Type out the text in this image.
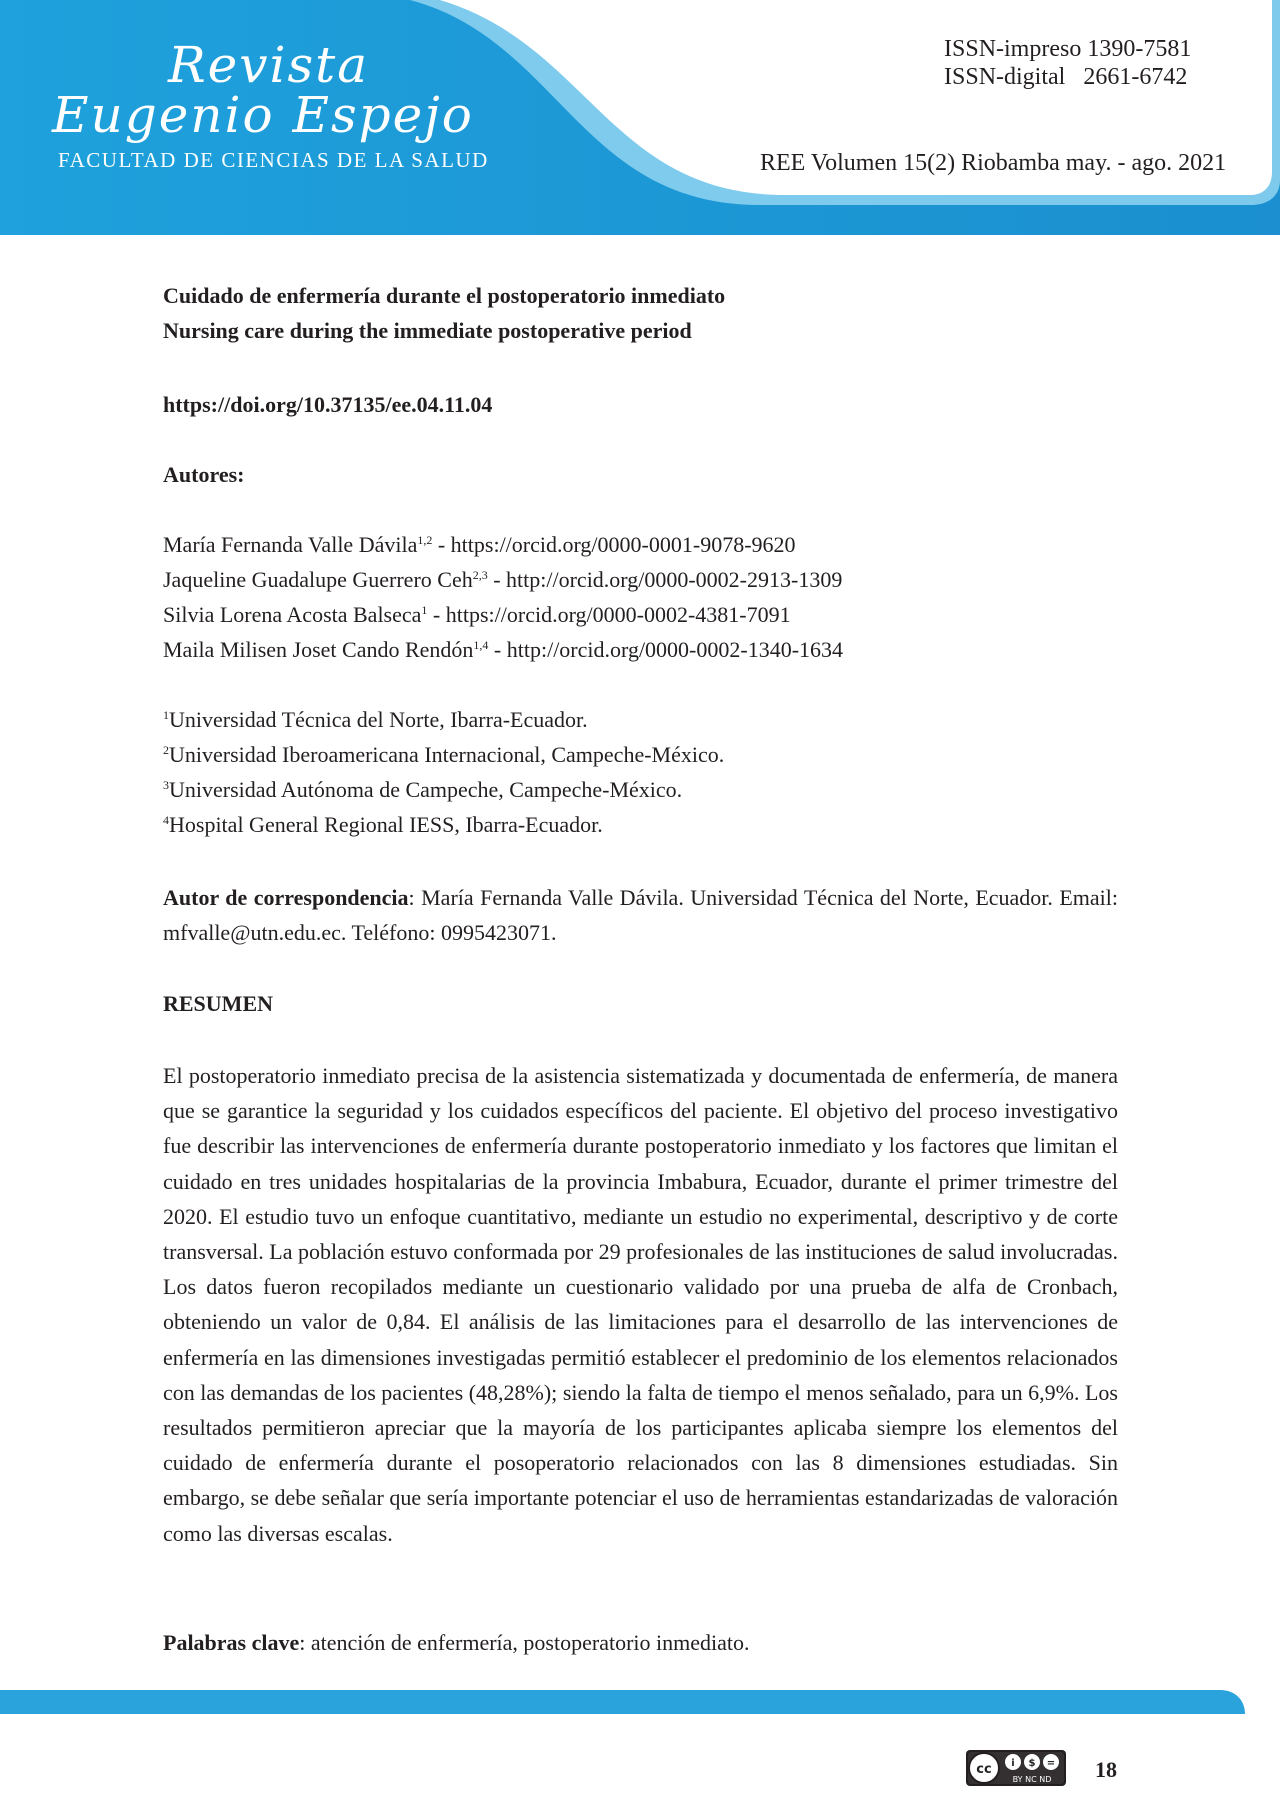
Revista
Eugenio Espejo
FACULTAD DE CIENCIAS DE LA SALUD
ISSN-impreso 1390-7581
ISSN-digital   2661-6742
REE Volumen 15(2) Riobamba may. - ago. 2021
Cuidado de enfermería durante el postoperatorio inmediato
Nursing care during the immediate postoperative period
https://doi.org/10.37135/ee.04.11.04
Autores:
María Fernanda Valle Dávila$^{1,2}$ - https://orcid.org/0000-0001-9078-9620
Jaqueline Guadalupe Guerrero Ceh$^{2,3}$ - http://orcid.org/0000-0002-2913-1309
Silvia Lorena Acosta Balseca$^1$ - https://orcid.org/0000-0002-4381-7091
Maila Milisen Joset Cando Rendón$^{1,4}$ - http://orcid.org/0000-0002-1340-1634
$^1$Universidad Técnica del Norte, Ibarra-Ecuador.
$^2$Universidad Iberoamericana Internacional, Campeche-México.
$^3$Universidad Autónoma de Campeche, Campeche-México.
$^4$Hospital General Regional IESS, Ibarra-Ecuador.
Autor de correspondencia: María Fernanda Valle Dávila. Universidad Técnica del Norte, Ecuador. Email: mfvalle@utn.edu.ec. Teléfono: 0995423071.
RESUMEN
El postoperatorio inmediato precisa de la asistencia sistematizada y documentada de enfermería, de manera que se garantice la seguridad y los cuidados específicos del paciente. El objetivo del proceso investigativo fue describir las intervenciones de enfermería durante postoperatorio inmediato y los factores que limitan el cuidado en tres unidades hospitalarias de la provincia Imbabura, Ecuador, durante el primer trimestre del 2020. El estudio tuvo un enfoque cuantitativo, mediante un estudio no experimental, descriptivo y de corte transversal. La población estuvo conformada por 29 profesionales de las instituciones de salud involucradas. Los datos fueron recopilados mediante un cuestionario validado por una prueba de alfa de Cronbach, obteniendo un valor de 0,84. El análisis de las limitaciones para el desarrollo de las intervenciones de enfermería en las dimensiones investigadas permitió establecer el predominio de los elementos relacionados con las demandas de los pacientes (48,28%); siendo la falta de tiempo el menos señalado, para un 6,9%. Los resultados permitieron apreciar que la mayoría de los participantes aplicaba siempre los elementos del cuidado de enfermería durante el posoperatorio relacionados con las 8 dimensiones estudiadas. Sin embargo, se debe señalar que sería importante potenciar el uso de herramientas estandarizadas de valoración como las diversas escalas.
Palabras clave: atención de enfermería, postoperatorio inmediato.
cc i $ =
BY NC ND 18
